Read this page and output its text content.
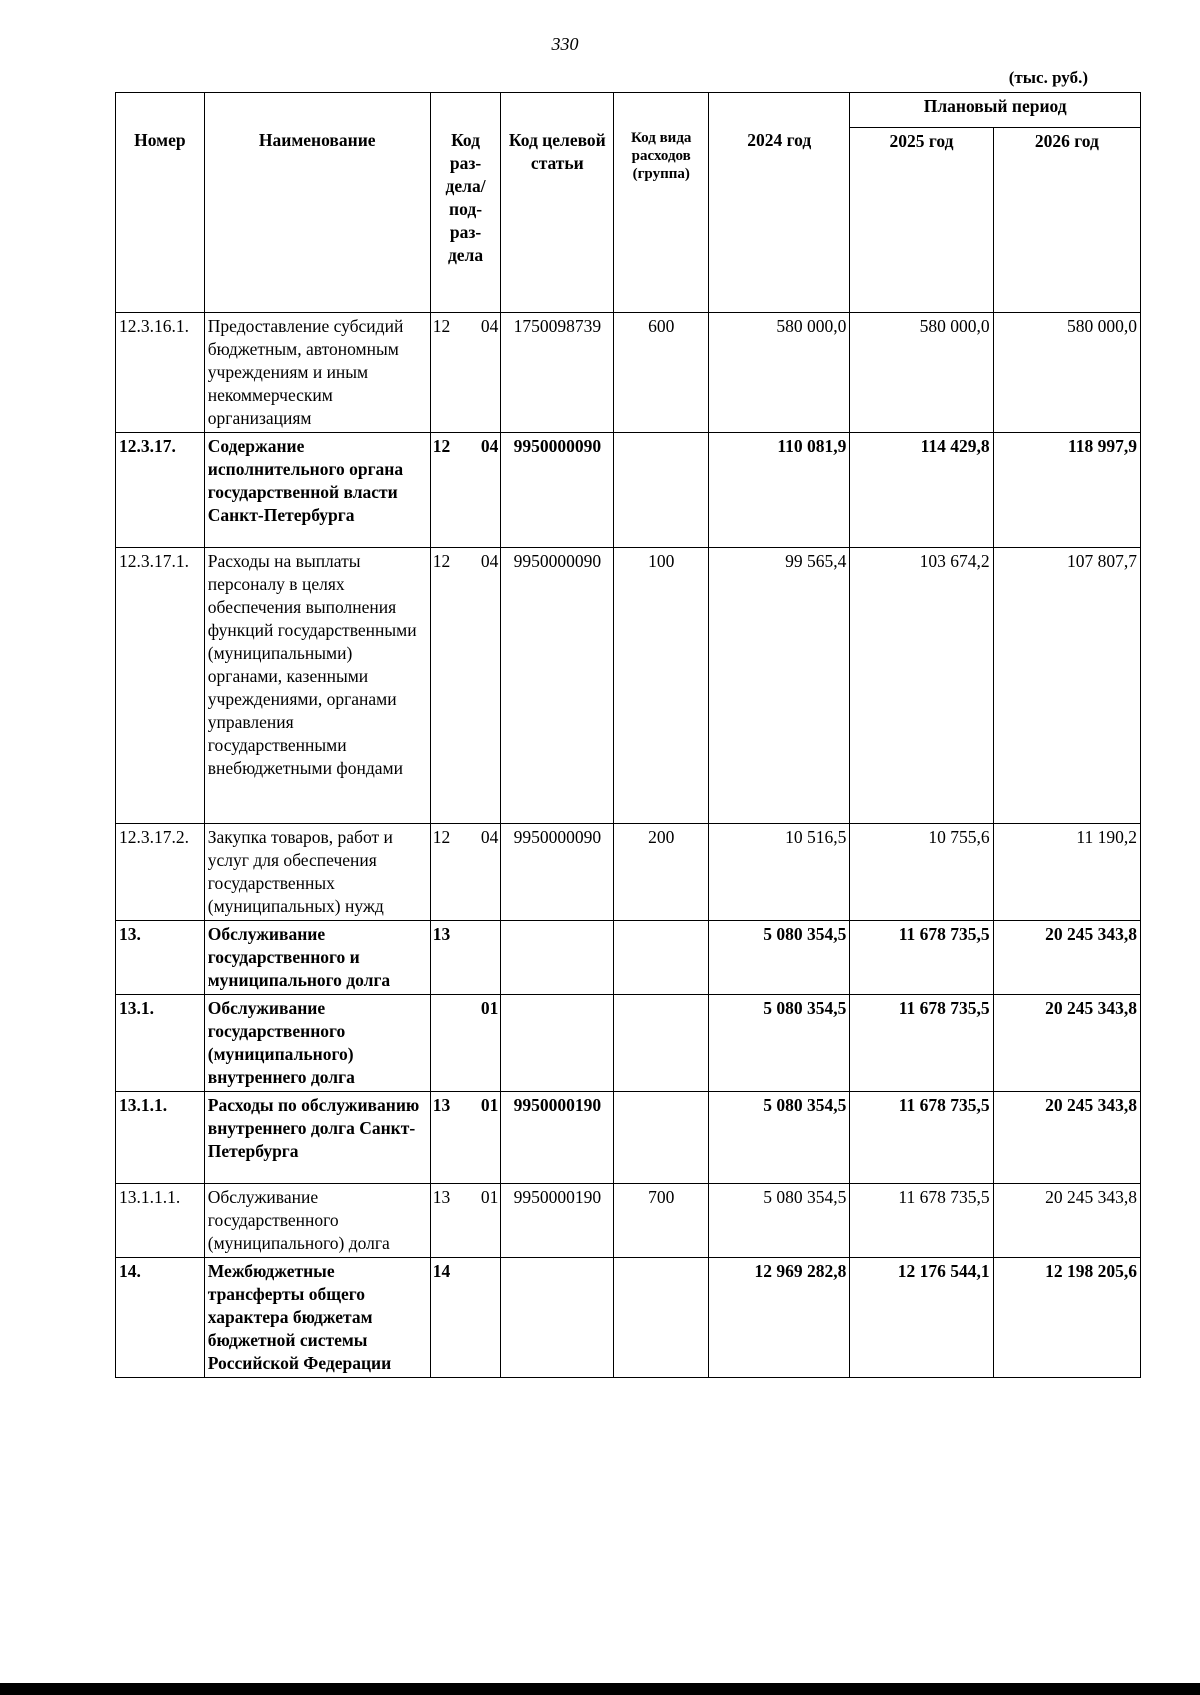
330
(тыс. руб.)
Номер	Наименование	Код раз-дела/ под-раз-дела	Код целевой статьи	Код вида расходов (группа)	2024 год	Плановый период	
						2025 год	2026 год
12.3.16.1.	Предоставление субсидий бюджетным, автономным учреждениям и иным некоммерческим организациям	12 04	1750098739	600	580 000,0	580 000,0	580 000,0
12.3.17.	Содержание исполнительного органа государственной власти Санкт-Петербурга	12 04	9950000090		110 081,9	114 429,8	118 997,9
12.3.17.1.	Расходы на выплаты персоналу в целях обеспечения выполнения функций государственными (муниципальными) органами, казенными учреждениями, органами управления государственными внебюджетными фондами	12 04	9950000090	100	99 565,4	103 674,2	107 807,7
12.3.17.2.	Закупка товаров, работ и услуг для обеспечения государственных (муниципальных) нужд	12 04	9950000090	200	10 516,5	10 755,6	11 190,2
13.	Обслуживание государственного и муниципального долга	13			5 080 354,5	11 678 735,5	20 245 343,8
13.1.	Обслуживание государственного (муниципального) внутреннего долга	01			5 080 354,5	11 678 735,5	20 245 343,8
13.1.1.	Расходы по обслуживанию внутреннего долга Санкт-Петербурга	13 01	9950000190		5 080 354,5	11 678 735,5	20 245 343,8
13.1.1.1.	Обслуживание государственного (муниципального) долга	13 01	9950000190	700	5 080 354,5	11 678 735,5	20 245 343,8
14.	Межбюджетные трансферты общего характера бюджетам бюджетной системы Российской Федерации	14			12 969 282,8	12 176 544,1	12 198 205,6
